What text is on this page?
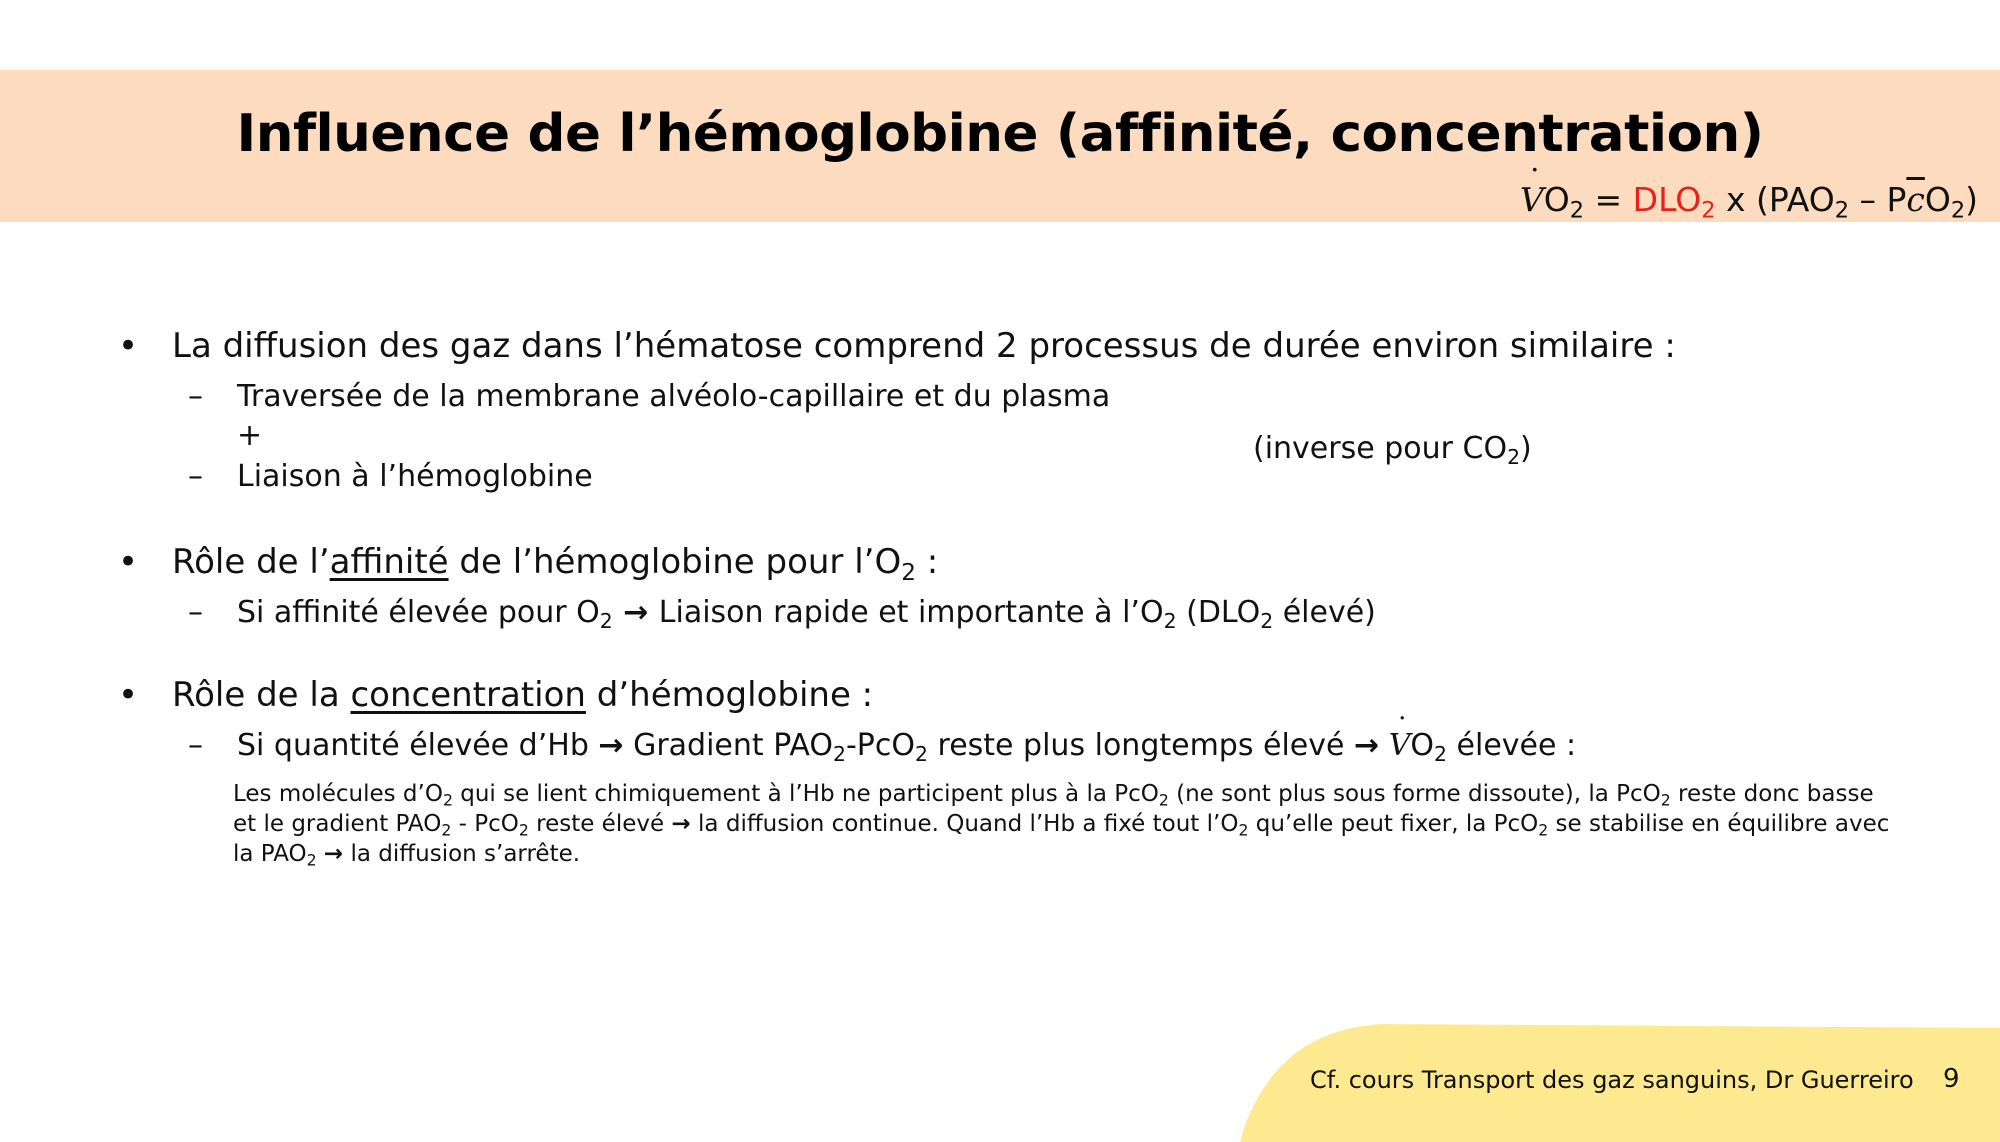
Influence de l’hémoglobine (affinité, concentration)
V $˙O_2 = DLO_2$ x $(PAO_2 - P\overline{c}O_2)$
• La diffusion des gaz dans l’hématose comprend 2 processus de durée environ similaire :
– Traversée de la membrane alvéolo-capillaire et du plasma
+
– Liaison à l’hémoglobine
(inverse pour $CO_2$)
• Rôle de l’affinité de l’hémoglobine pour $l’O_2$ :
– Si affinité élevée pour $O_2$ → Liaison rapide et importante à $l’O_2$ ($DLO_2$ élevé)
• Rôle de la concentration d’hémoglobine :
– Si quantité élevée d’Hb → Gradient $PAO_2-PcO_2$ reste plus longtemps élevé → V $˙O_2$ élevée :
Les molécules $d’O_2$ qui se lient chimiquement à l’Hb ne participent plus à la PcO$_2$ (ne sont plus sous forme dissoute), la PcO$_2$ reste donc basse et le gradient $PAO_2 - PcO_2$ reste élevé → la diffusion continue. Quand l’Hb a fixé tout $l’O_2$ qu’elle peut fixer, la PcO$_2$ se stabilise en équilibre avec la $PAO_2$ → la diffusion s’arrête.
Cf. cours Transport des gaz sanguins, Dr Guerreiro 9
